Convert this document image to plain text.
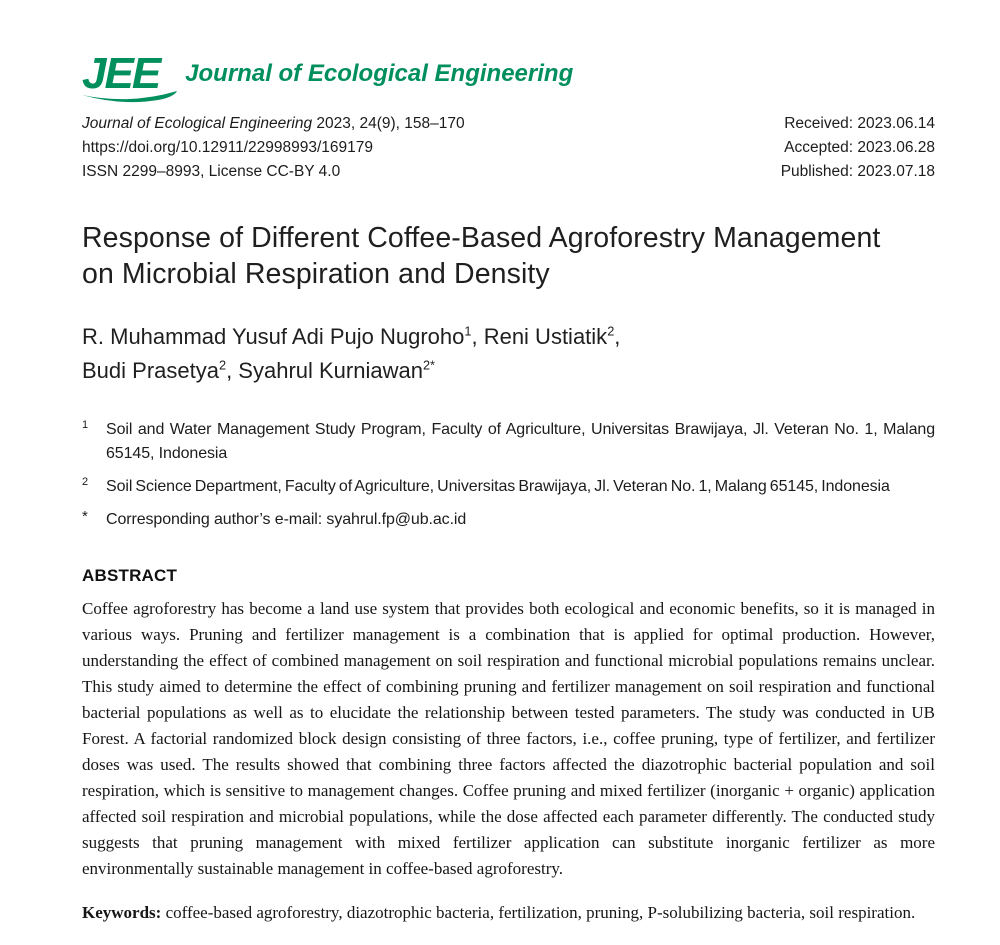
JEE	Journal of Ecological Engineering
Journal of Ecological Engineering 2023, 24(9), 158–170
https://doi.org/10.12911/22998993/169179
ISSN 2299–8993, License CC-BY 4.0
Received: 2023.06.14
Accepted: 2023.06.28
Published: 2023.07.18
Response of Different Coffee-Based Agroforestry Management
on Microbial Respiration and Density
R. Muhammad Yusuf Adi Pujo Nugroho$^1$, Reni Ustiatik$^2$,
Budi Prasetya$^2$, Syahrul Kurniawan$^{2*}$
1	Soil and Water Management Study Program, Faculty of Agriculture, Universitas Brawijaya, Jl. Veteran No. 1, Malang 65145, Indonesia
2	Soil Science Department, Faculty of Agriculture, Universitas Brawijaya, Jl. Veteran No. 1, Malang 65145, Indonesia
*	Corresponding author’s e-mail: syahrul.fp@ub.ac.id
ABSTRACT

Coffee agroforestry has become a land use system that provides both ecological and economic benefits, so it is managed in various ways. Pruning and fertilizer management is a combination that is applied for optimal production. However, understanding the effect of combined management on soil respiration and functional microbial populations remains unclear. This study aimed to determine the effect of combining pruning and fertilizer management on soil respiration and functional bacterial populations as well as to elucidate the relationship between tested parameters. The study was conducted in UB Forest. A factorial randomized block design consisting of three factors, i.e., coffee pruning, type of fertilizer, and fertilizer doses was used. The results showed that combining three factors affected the diazotrophic bacterial population and soil respiration, which is sensitive to management changes. Coffee pruning and mixed fertilizer (inorganic + organic) application affected soil respiration and microbial populations, while the dose affected each parameter differently. The conducted study suggests that pruning management with mixed fertilizer application can substitute inorganic fertilizer as more environmentally sustainable management in coffee-based agroforestry.

Keywords: coffee-based agroforestry, diazotrophic bacteria, fertilization, pruning, P-solubilizing bacteria, soil respiration.
